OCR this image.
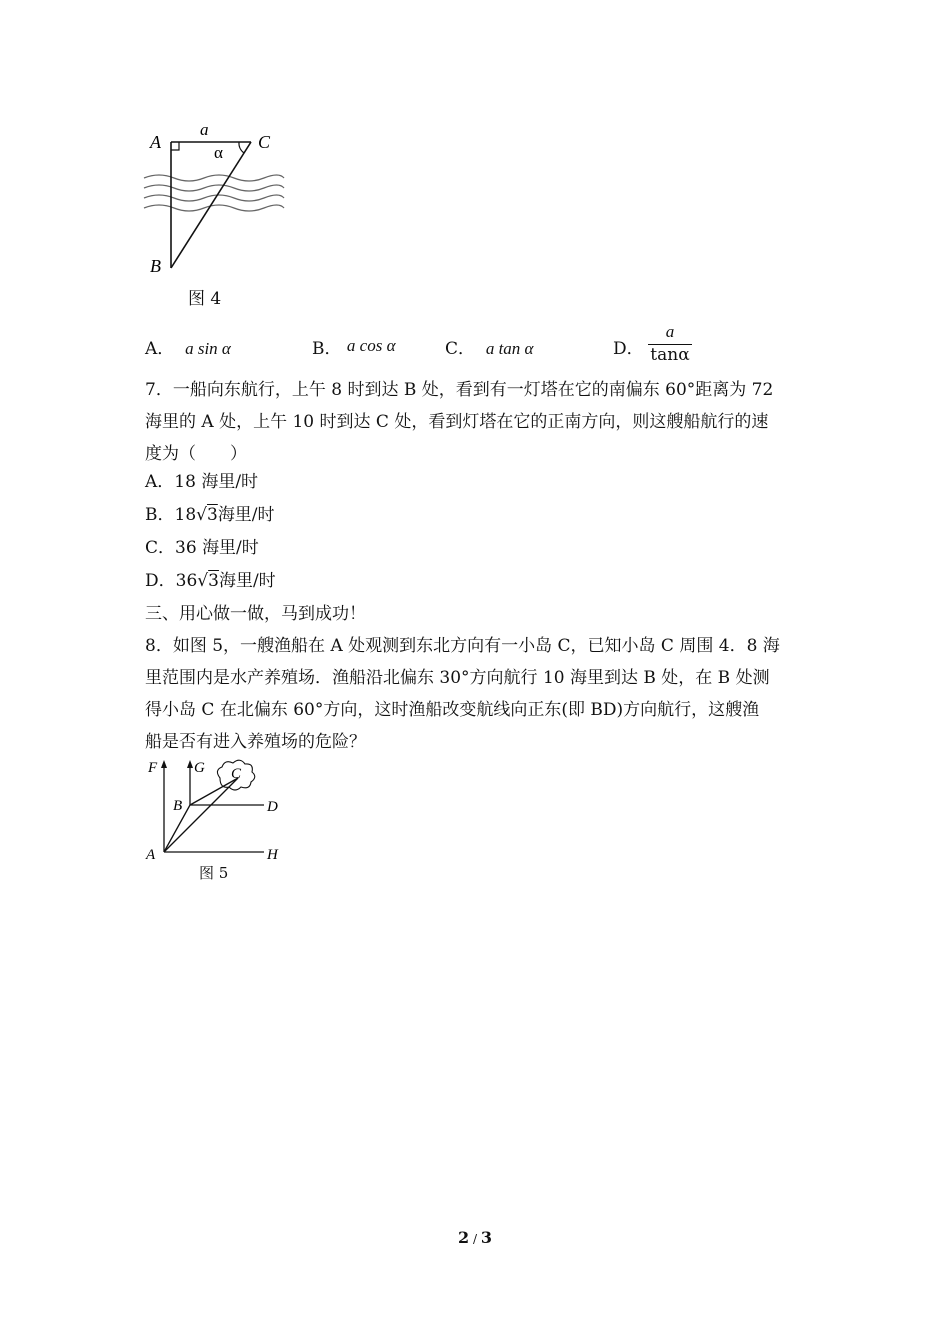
A	C
B
a
α
图 4
A． a sin α	B． a cos α	C． a tan α	D． $\frac{a}{\tan\alpha}$
7．一船向东航行，上午 8 时到达 B 处，看到有一灯塔在它的南偏东 60°距离为 72
海里的 A 处，上午 10 时到达 C 处，看到灯塔在它的正南方向，则这艘船航行的速
度为（　　）
A．18 海里/时
B．18√3海里/时
C．36 海里/时
D．36√3海里/时
三、用心做一做，马到成功！
8．如图 5，一艘渔船在 A 处观测到东北方向有一小岛 C，已知小岛 C 周围 4．8 海
里范围内是水产养殖场．渔船沿北偏东 30°方向航行 10 海里到达 B 处，在 B 处测
得小岛 C 在北偏东 60°方向，这时渔船改变航线向正东(即 BD)方向航行，这艘渔
船是否有进入养殖场的危险？
F G C
B	D
A	H
图 5
2 / 3
